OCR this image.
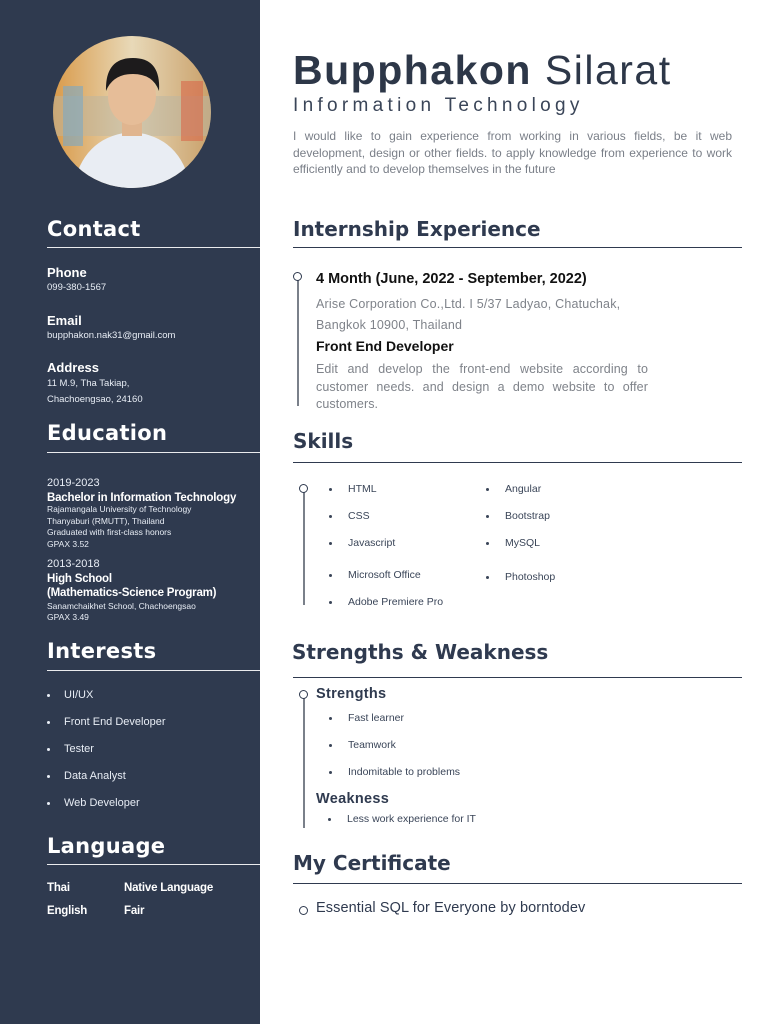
Contact
Phone
099-380-1567
Email
bupphakon.nak31@gmail.com
Address
11 M.9, Tha Takiap,
Chachoengsao, 24160
Education
2019-2023
Bachelor in Information Technology
Rajamangala University of Technology
Thanyaburi (RMUTT), Thailand
Graduated with first-class honors
GPAX 3.52
2013-2018
High School
(Mathematics-Science Program)
Sanamchaikhet School, Chachoengsao
GPAX 3.49
Interests
UI/UX
Front End Developer
Tester
Data Analyst
Web Developer
Language
Thai	Native Language
English	Fair
Bupphakon Silarat
Information Technology
I would like to gain experience from working in various fields, be it web development, design or other fields. to apply knowledge from experience to work efficiently and to develop themselves in the future
Internship Experience
4 Month (June, 2022 - September, 2022)
Arise Corporation Co.,Ltd. I 5/37 Ladyao, Chatuchak,
Bangkok 10900, Thailand
Front End Developer
Edit and develop the front-end website according to customer needs. and design a demo website to offer customers.
Skills
HTML
CSS
Javascript
Microsoft Office
Adobe Premiere Pro
Angular
Bootstrap
MySQL
Photoshop
Strengths & Weakness
Strengths
Fast learner
Teamwork
Indomitable to problems
Weakness
Less work experience for IT
My Certificate
Essential SQL for Everyone by borntodev
